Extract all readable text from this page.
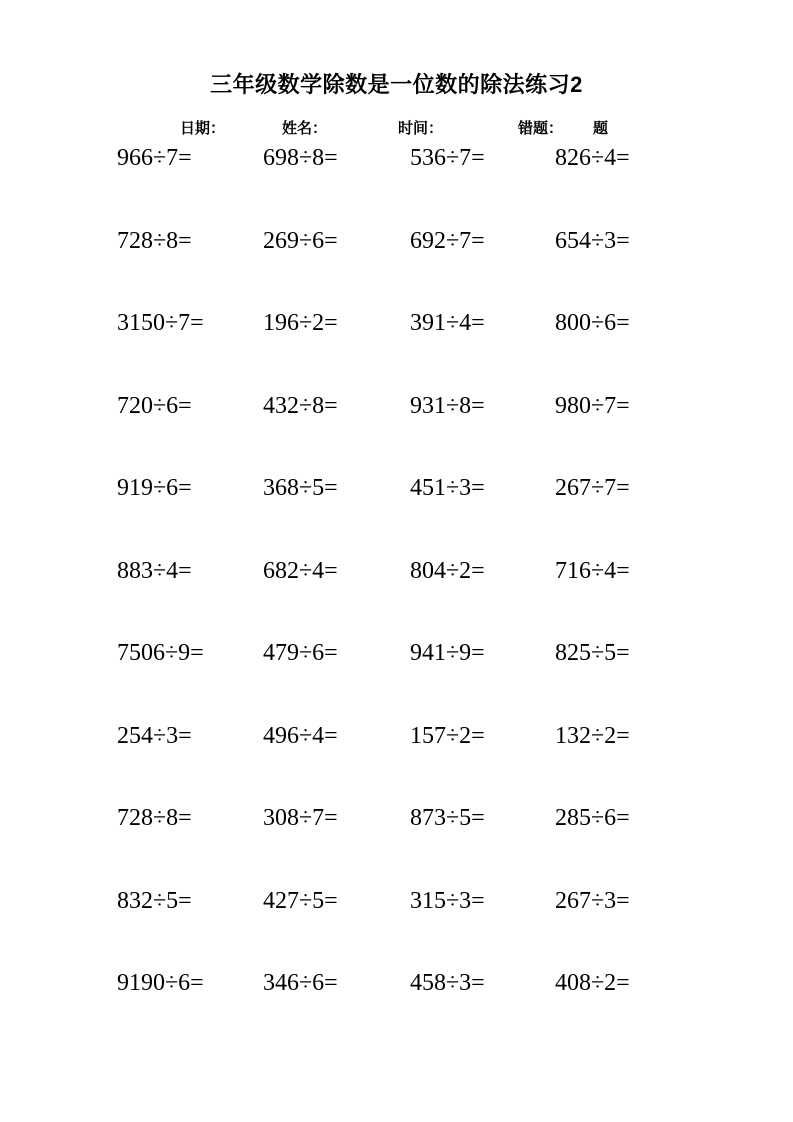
三年级数学除数是一位数的除法练习2
日期：	姓名：	时间：	错题： 题
966÷7=	698÷8=	536÷7=	826÷4=
728÷8=	269÷6=	692÷7=	654÷3=
3150÷7=	196÷2=	391÷4=	800÷6=
720÷6=	432÷8=	931÷8=	980÷7=
919÷6=	368÷5=	451÷3=	267÷7=
883÷4=	682÷4=	804÷2=	716÷4=
7506÷9=	479÷6=	941÷9=	825÷5=
254÷3=	496÷4=	157÷2=	132÷2=
728÷8=	308÷7=	873÷5=	285÷6=
832÷5=	427÷5=	315÷3=	267÷3=
9190÷6=	346÷6=	458÷3=	408÷2=
